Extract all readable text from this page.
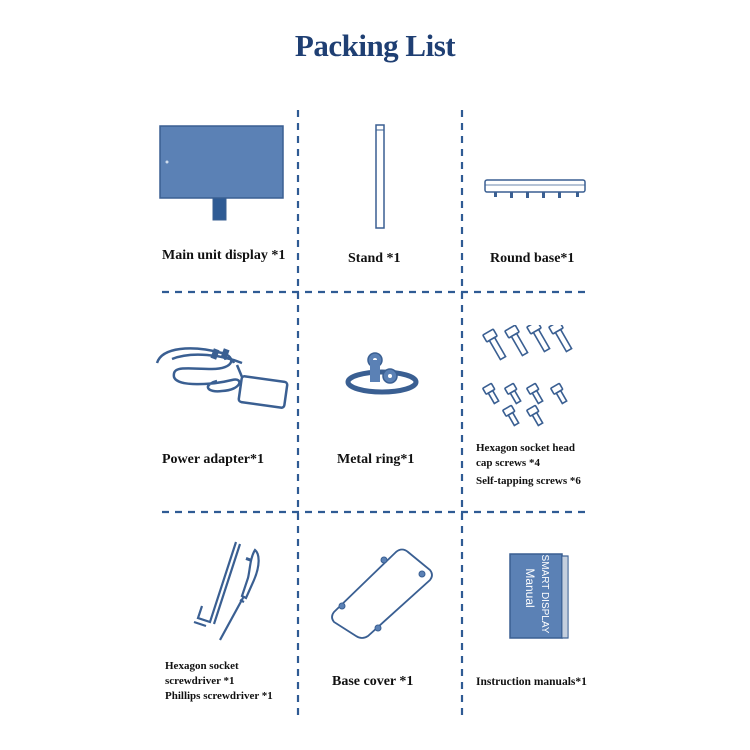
Packing List
Main unit display *1	Stand *1	Round base*1
Power adapter*1	Metal ring*1
Hexagon socket head
cap screws *4
Self-tapping screws *6
Hexagon socket
screwdriver *1
Phillips screwdriver *1
Base cover *1
SMART DISPLAY
Manual
Instruction manuals*1
